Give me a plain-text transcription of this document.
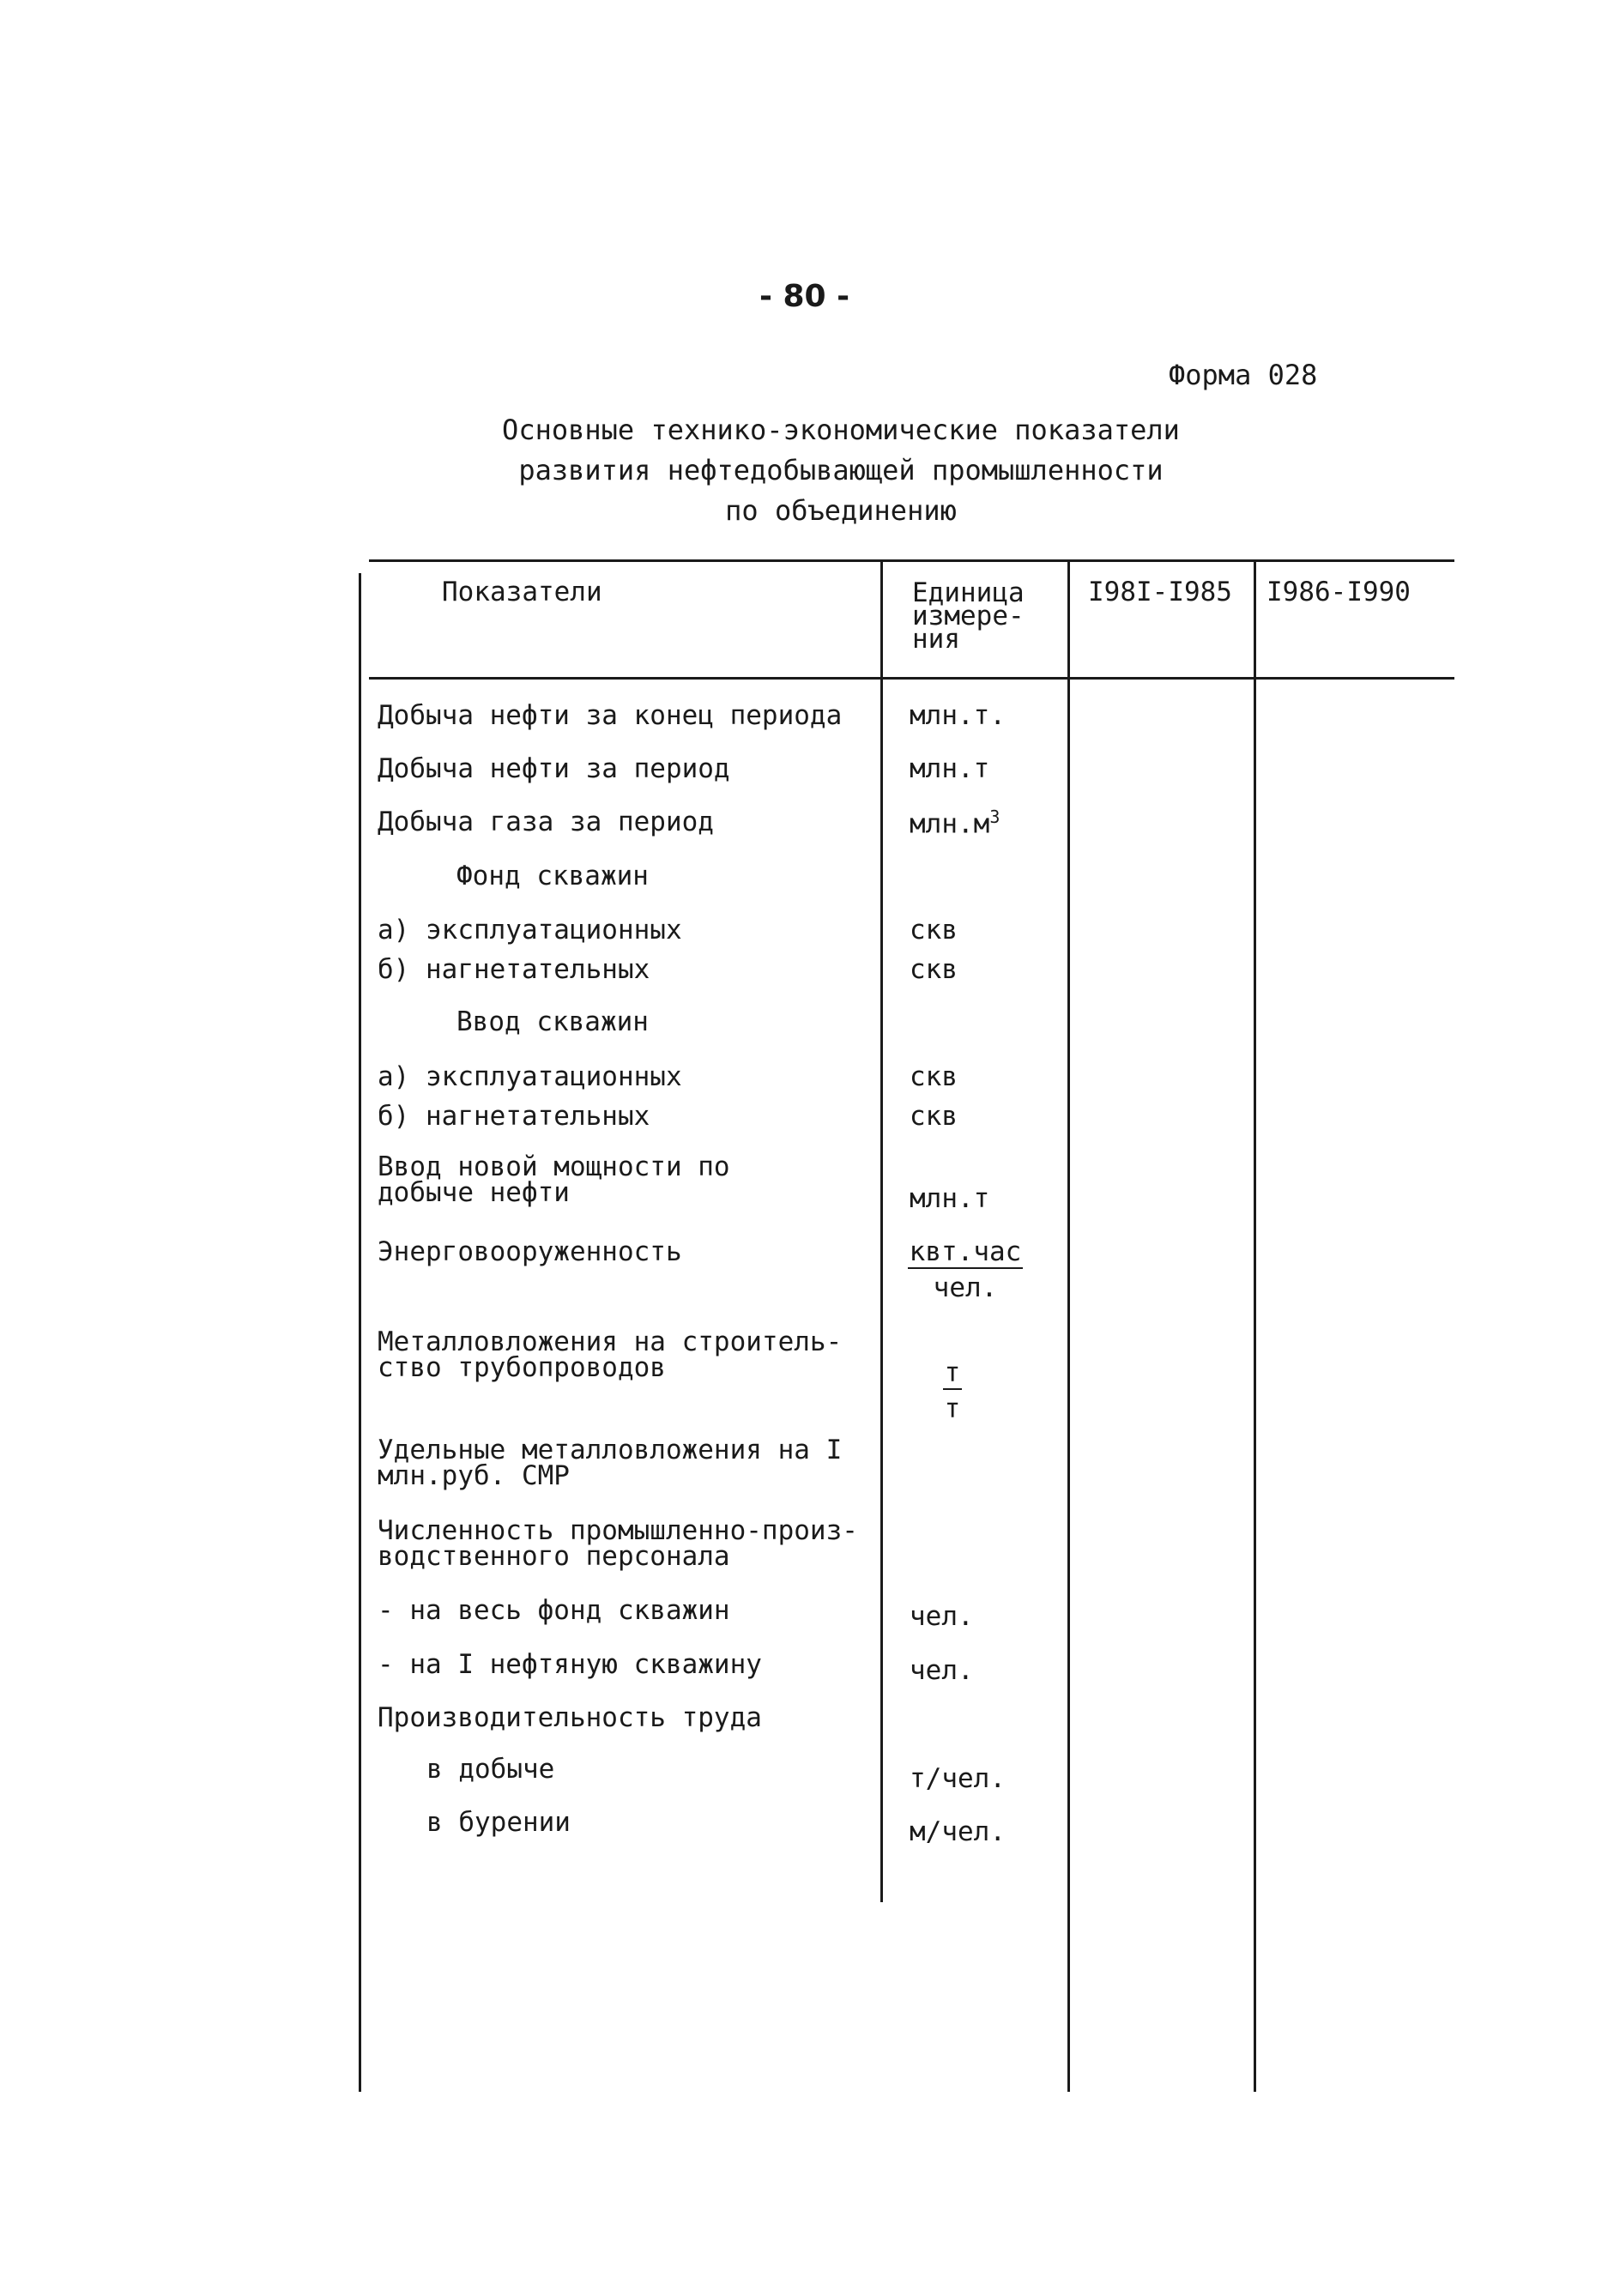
- 80 -
Форма 028
Основные технико-экономические показатели
развития нефтедобывающей промышленности
по объединению
Показатели	Единица
измере-
ния
I98I-I985 I986-I990
Добыча нефти за конец периода
Добыча нефти за период
Добыча газа за период
Фонд скважин
а) эксплуатационных
б) нагнетательных
Ввод скважин
а) эксплуатационных
б) нагнетательных
Ввод новой мощности по добыче нефти
Энерговооруженность
Металловложения на строитель-ство трубопроводов
Удельные металловложения на I млн.руб. СМР
Численность промышленно-произ-водственного персонала
- на весь фонд скважин
- на I нефтяную скважину
Производительность труда
в добыче
в бурении
млн.т.
млн.т
$млн.м^3$
скв
скв
скв
скв
млн.т
квт.час
чел.
т
т
чел.
чел.
т/чел.
м/чел.
